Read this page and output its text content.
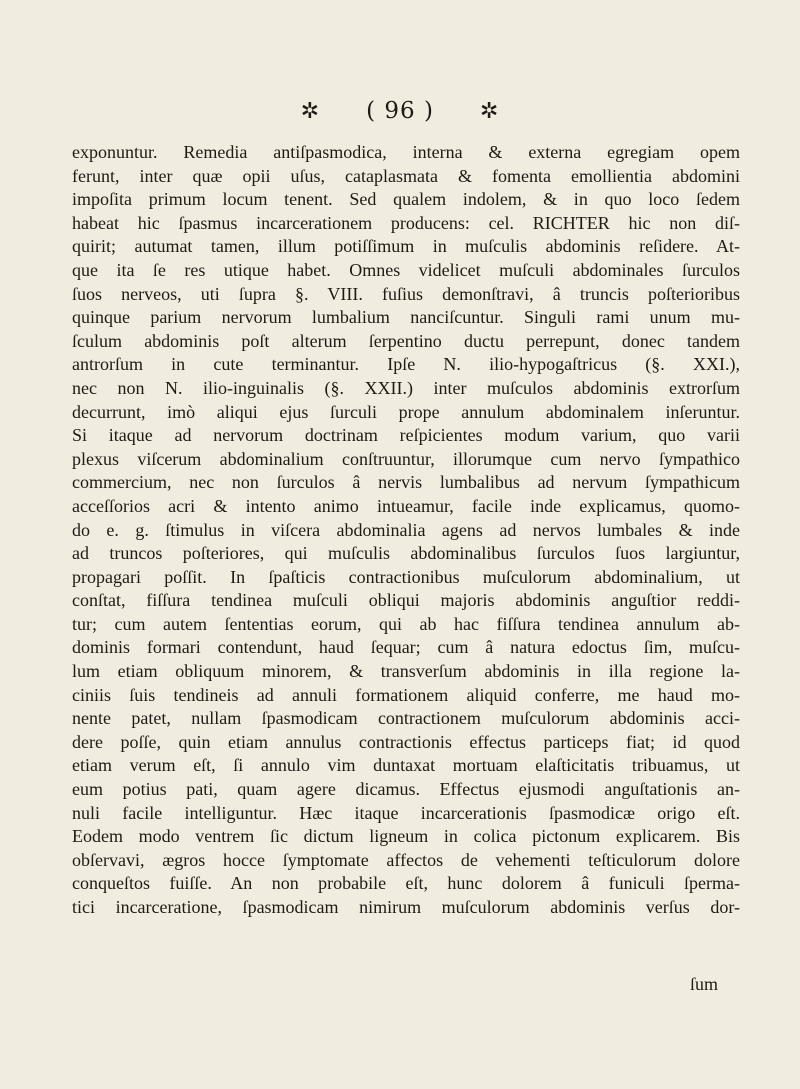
✲ ( 96 ) ✲
exponuntur. Remedia antiſpasmodica, interna & externa egregiam opem
ferunt, inter quæ opii uſus, cataplasmata & fomenta emollientia abdomini
impoſita primum locum tenent. Sed qualem indolem, & in quo loco ſedem
habeat hic ſpasmus incarcerationem producens: cel. RICHTER hic non diſ-
quirit; autumat tamen, illum potiſſimum in muſculis abdominis reſidere. At-
que ita ſe res utique habet. Omnes videlicet muſculi abdominales ſurculos
ſuos nerveos, uti ſupra §. VIII. fuſius demonſtravi, â truncis poſterioribus
quinque parium nervorum lumbalium nanciſcuntur. Singuli rami unum mu-
ſculum abdominis poſt alterum ſerpentino ductu perrepunt, donec tandem
antrorſum in cute terminantur. Ipſe N. ilio-hypogaſtricus (§. XXI.),
nec non N. ilio-inguinalis (§. XXII.) inter muſculos abdominis extrorſum
decurrunt, imò aliqui ejus ſurculi prope annulum abdominalem inſeruntur.
Si itaque ad nervorum doctrinam reſpicientes modum varium, quo varii
plexus viſcerum abdominalium conſtruuntur, illorumque cum nervo ſympathico
commercium, nec non ſurculos â nervis lumbalibus ad nervum ſympathicum
acceſſorios acri & intento animo intueamur, facile inde explicamus, quomo-
do e. g. ſtimulus in viſcera abdominalia agens ad nervos lumbales & inde
ad truncos poſteriores, qui muſculis abdominalibus ſurculos ſuos largiuntur,
propagari poſſit. In ſpaſticis contractionibus muſculorum abdominalium, ut
conſtat, fiſſura tendinea muſculi obliqui majoris abdominis anguſtior reddi-
tur; cum autem ſententias eorum, qui ab hac fiſſura tendinea annulum ab-
dominis formari contendunt, haud ſequar; cum â natura edoctus ſim, muſcu-
lum etiam obliquum minorem, & transverſum abdominis in illa regione la-
ciniis ſuis tendineis ad annuli formationem aliquid conferre, me haud mo-
nente patet, nullam ſpasmodicam contractionem muſculorum abdominis acci-
dere poſſe, quin etiam annulus contractionis effectus particeps fiat; id quod
etiam verum eſt, ſi annulo vim duntaxat mortuam elaſticitatis tribuamus, ut
eum potius pati, quam agere dicamus. Effectus ejusmodi anguſtationis an-
nuli facile intelliguntur. Hæc itaque incarcerationis ſpasmodicæ origo eſt.
Eodem modo ventrem ſic dictum ligneum in colica pictonum explicarem. Bis
obſervavi, ægros hocce ſymptomate affectos de vehementi teſticulorum dolore
conqueſtos fuiſſe. An non probabile eſt, hunc dolorem â funiculi ſperma-
tici incarceratione, ſpasmodicam nimirum muſculorum abdominis verſus dor-
ſum
